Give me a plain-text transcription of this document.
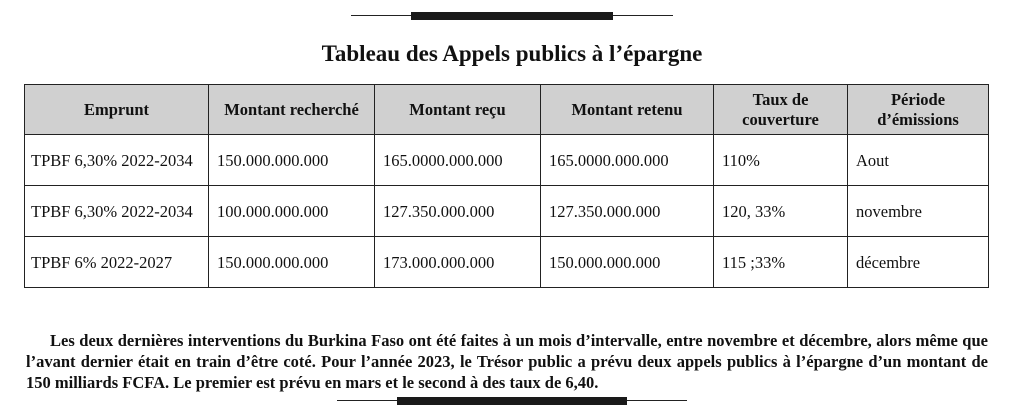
Tableau des Appels publics à l’épargne
Emprunt	Montant recherché	Montant reçu	Montant retenu	Taux de couverture	Période d’émissions
TPBF 6,30% 2022-2034	150.000.000.000	165.0000.000.000	165.0000.000.000	110%	Aout
TPBF 6,30% 2022-2034	100.000.000.000	127.350.000.000	127.350.000.000	120, 33%	novembre
TPBF 6% 2022-2027	150.000.000.000	173.000.000.000	150.000.000.000	115 ;33%	décembre

Les deux dernières interventions du Burkina Faso ont été faites à un mois d’intervalle, entre novembre et décembre, alors même que l’avant dernier était en train d’être coté. Pour l’année 2023, le Trésor public a prévu deux appels publics à l’épargne d’un montant de 150 milliards FCFA. Le premier est prévu en mars et le second à des taux de 6,40.
